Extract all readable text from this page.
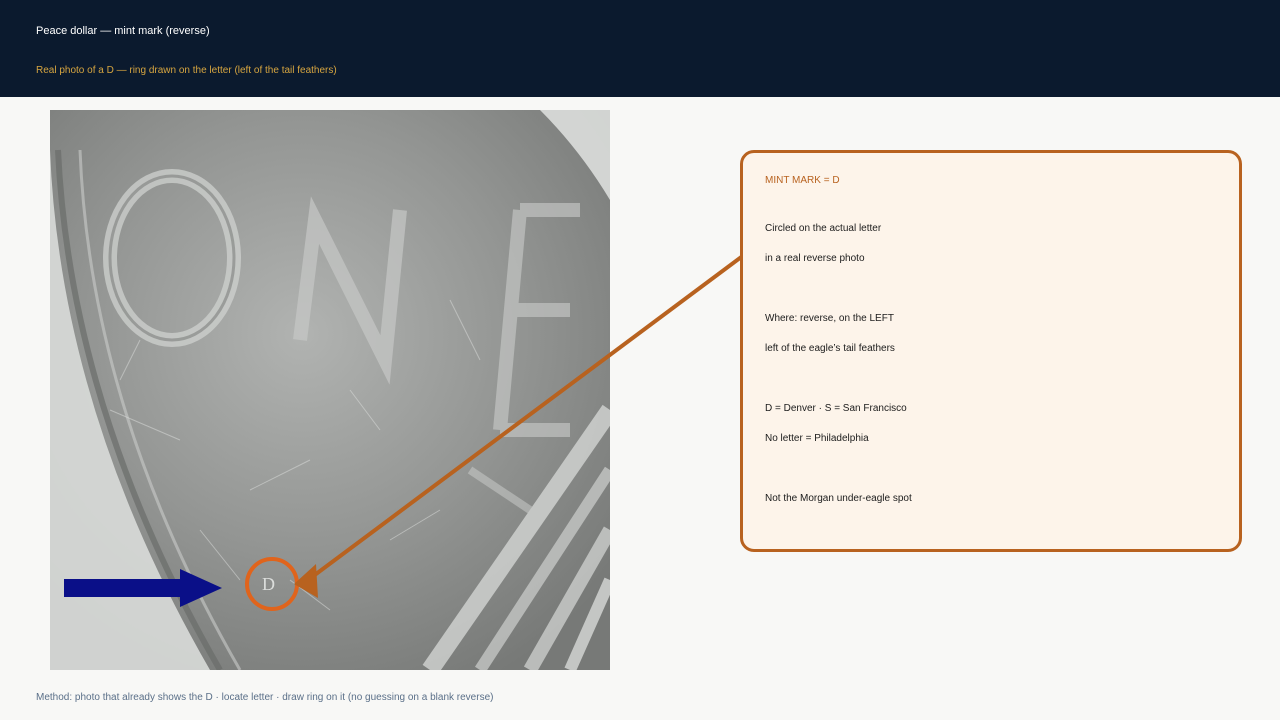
Peace dollar — mint mark (reverse)
Real photo of a D — ring drawn on the letter (left of the tail feathers)
D
MINT MARK = D
Circled on the actual letter
in a real reverse photo
Where: reverse, on the LEFT
left of the eagle’s tail feathers
D = Denver · S = San Francisco
No letter = Philadelphia
Not the Morgan under-eagle spot
Method: photo that already shows the D · locate letter · draw ring on it (no guessing on a blank reverse)
